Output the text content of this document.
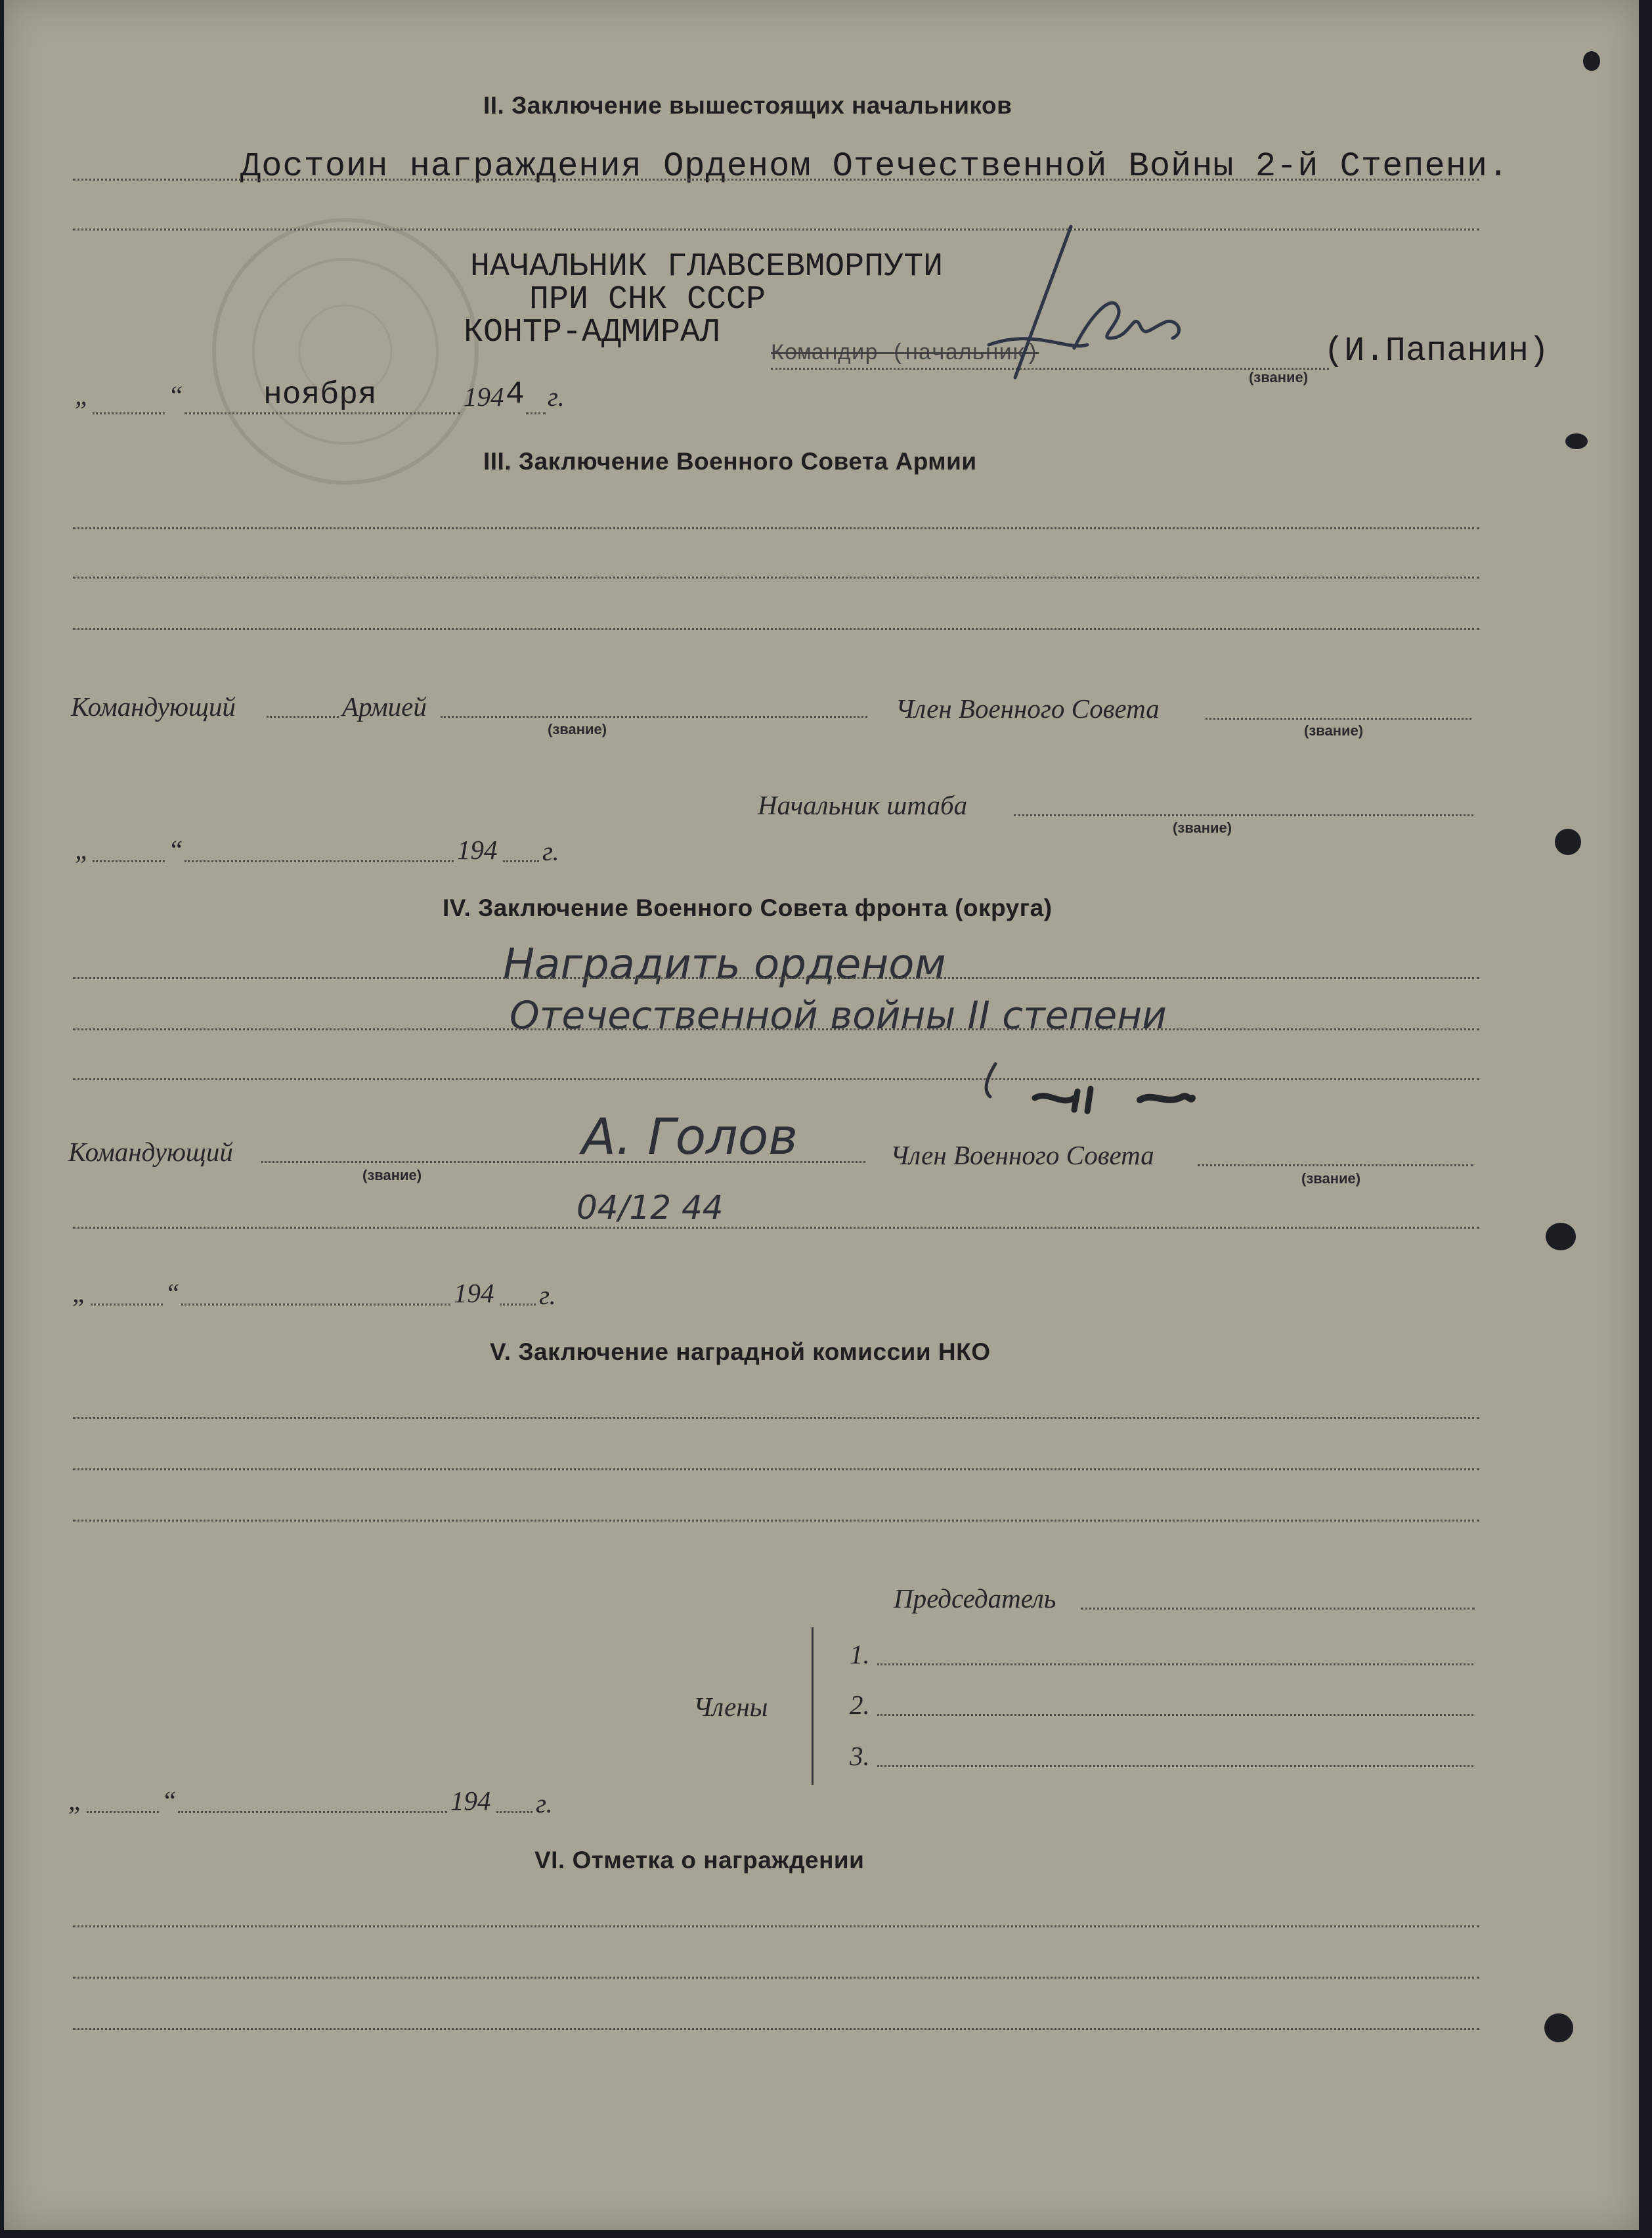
II. Заключение вышестоящих начальников
Достоин награждения Орденом Отечественной Войны 2-й Степени.
НАЧАЛЬНИК ГЛАВСЕВМОРПУТИ
ПРИ СНК СССР
КОНТР-АДМИРАЛ
Командир (начальник)	(И.Папанин)
(звание)
„	“	ноября	194 4 г.
III. Заключение Военного Совета Армии
Командующий	Армией
(звание)
Член Военного Совета
(звание)
Начальник штаба
(звание)
„	“	194 г.
IV. Заключение Военного Совета фронта (округа)
Наградить орденом
Отечественной войны II степени
Командующий
(звание)
А. Голов	Член Военного Совета
(звание)
04/12 44
„	“	194 г.
V. Заключение наградной комиссии НКО
Председатель
Члены
1.
2.
3.
„	“	194 г.
VI. Отметка о награждении
